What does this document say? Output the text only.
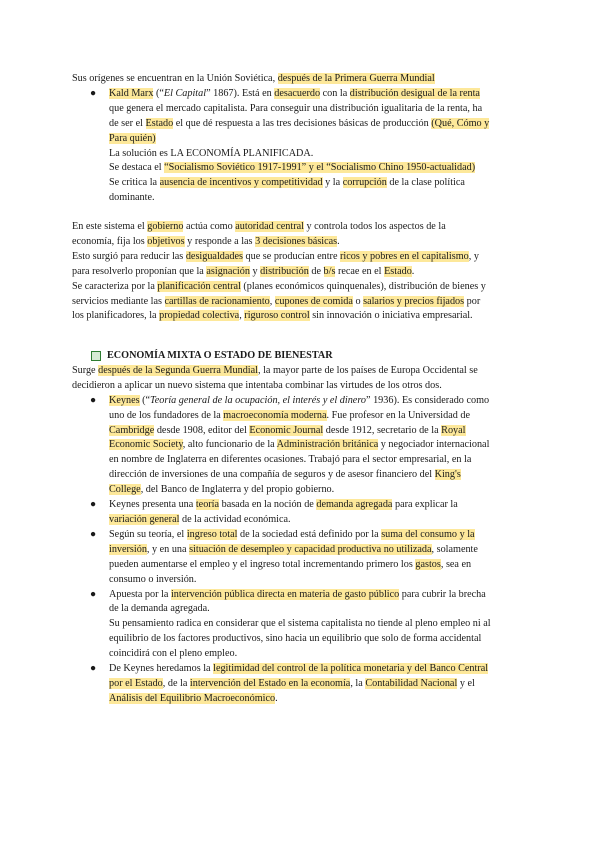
Sus orígenes se encuentran en la Unión Soviética, después de la Primera Guerra Mundial

● Kald Marx (“El Capital” 1867). Está en desacuerdo con la distribución desigual de la renta

que genera el mercado capitalista. Para conseguir una distribución igualitaria de la renta, ha

de ser el Estado el que dé respuesta a las tres decisiones básicas de producción (Qué, Cómo y

Para quién)

La solución es LA ECONOMÍA PLANIFICADA.

Se destaca el “Socialismo Soviético 1917-1991” y el “Socialismo Chino 1950-actualidad)

Se critica la ausencia de incentivos y competitividad y la corrupción de la clase política

dominante.

En este sistema el gobierno actúa como autoridad central y controla todos los aspectos de la

economía, fija los objetivos y responde a las 3 decisiones básicas.

Esto surgió para reducir las desigualdades que se producían entre ricos y pobres en el capitalismo, y

para resolverlo proponían que la asignación y distribución de b/s recae en el Estado.

Se caracteriza por la planificación central (planes económicos quinquenales), distribución de bienes y

servicios mediante las cartillas de racionamiento, cupones de comida o salarios y precios fijados por

los planificadores, la propiedad colectiva, riguroso control sin innovación o iniciativa empresarial.

ECONOMÍA MIXTA O ESTADO DE BIENESTAR

Surge después de la Segunda Guerra Mundial, la mayor parte de los países de Europa Occidental se

decidieron a aplicar un nuevo sistema que intentaba combinar las virtudes de los otros dos.

● Keynes (“Teoría general de la ocupación, el interés y el dinero” 1936). Es considerado como

uno de los fundadores de la macroeconomía moderna. Fue profesor en la Universidad de

Cambridge desde 1908, editor del Economic Journal desde 1912, secretario de la Royal

Economic Society, alto funcionario de la Administración británica y negociador internacional

en nombre de Inglaterra en diferentes ocasiones. Trabajó para el sector empresarial, en la

dirección de inversiones de una compañía de seguros y de asesor financiero del King's

College, del Banco de Inglaterra y del propio gobierno.

● Keynes presenta una teoría basada en la noción de demanda agregada para explicar la

variación general de la actividad económica.

● Según su teoría, el ingreso total de la sociedad está definido por la suma del consumo y la

inversión, y en una situación de desempleo y capacidad productiva no utilizada, solamente

pueden aumentarse el empleo y el ingreso total incrementando primero los gastos, sea en

consumo o inversión.

● Apuesta por la intervención pública directa en materia de gasto público para cubrir la brecha

de la demanda agregada.

Su pensamiento radica en considerar que el sistema capitalista no tiende al pleno empleo ni al

equilibrio de los factores productivos, sino hacia un equilibrio que solo de forma accidental

coincidirá con el pleno empleo.

● De Keynes heredamos la legitimidad del control de la política monetaria y del Banco Central

por el Estado, de la intervención del Estado en la economía, la Contabilidad Nacional y el

Análisis del Equilibrio Macroeconómico.
